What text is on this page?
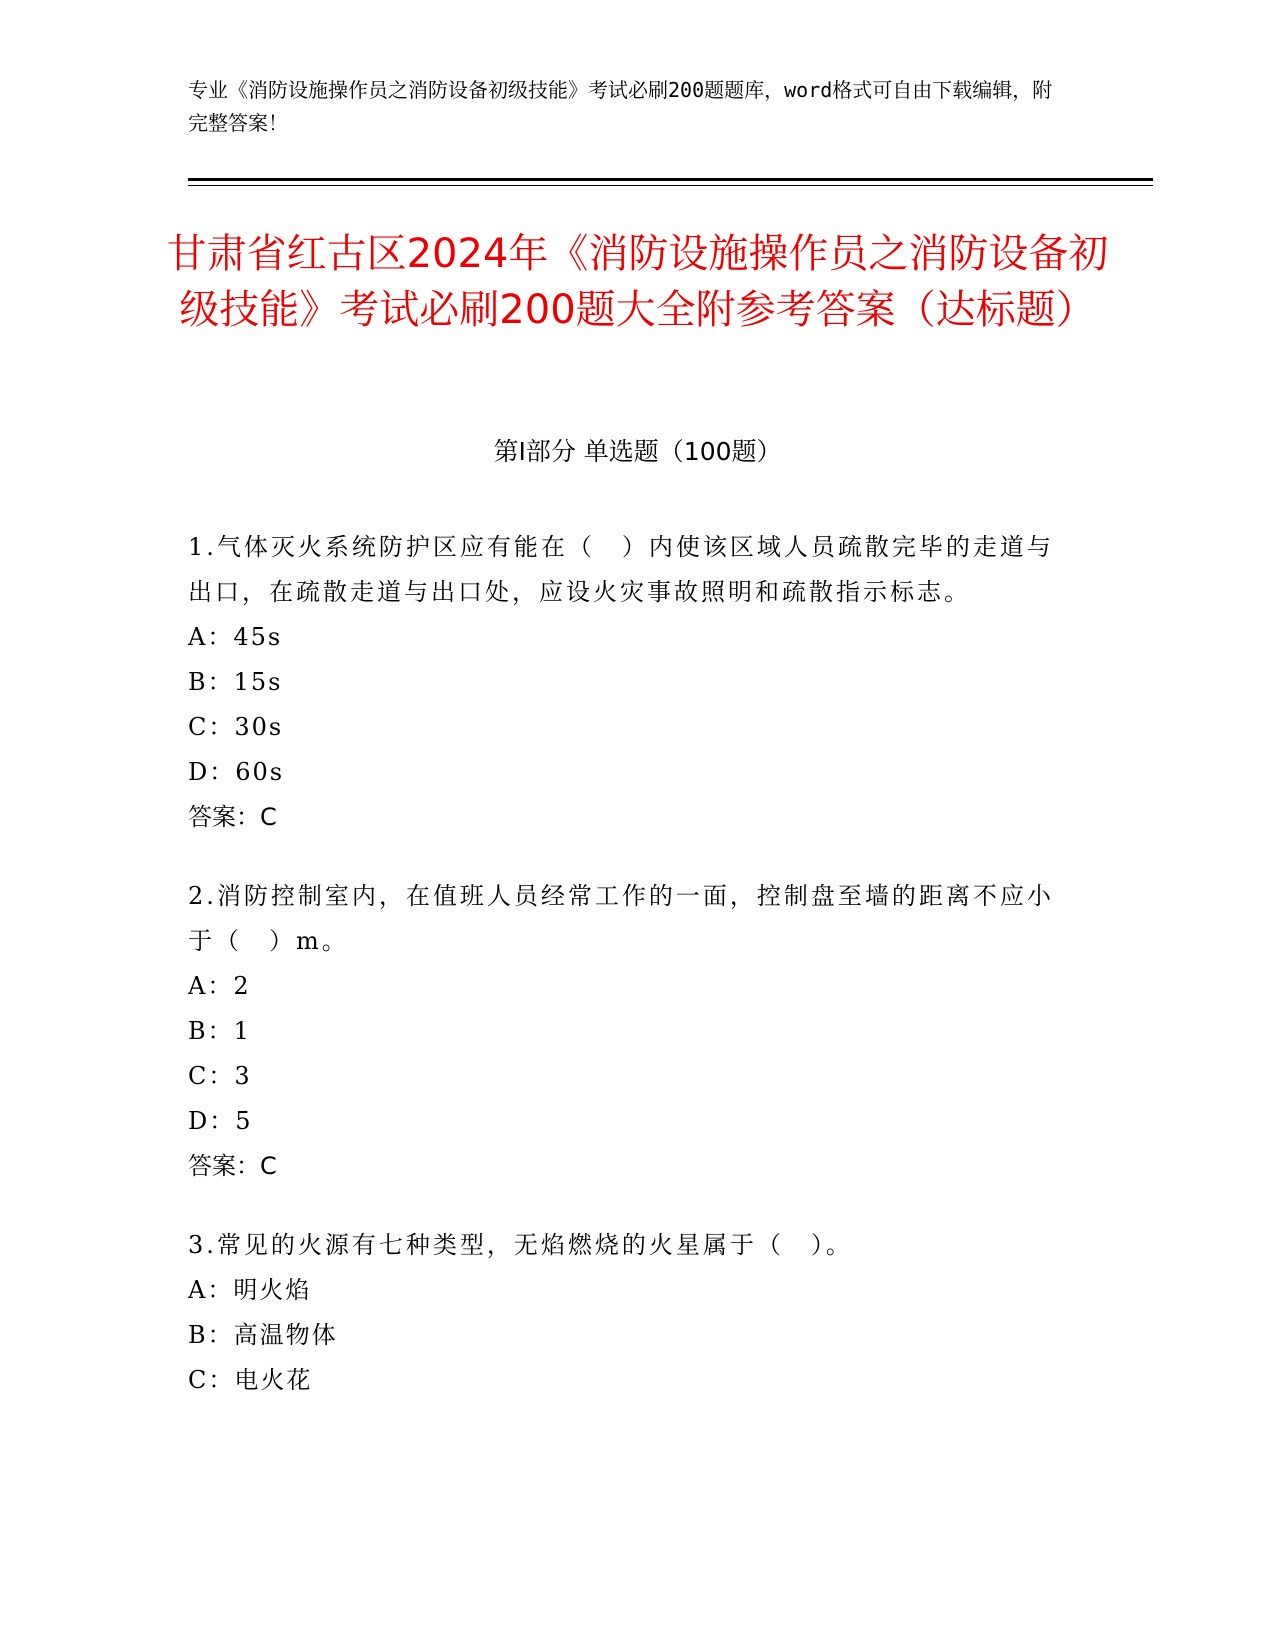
专业《消防设施操作员之消防设备初级技能》考试必刷200题题库，word格式可自由下载编辑，附完整答案！
甘肃省红古区2024年《消防设施操作员之消防设备初级技能》考试必刷200题大全附参考答案（达标题）
第Ⅰ部分 单选题（100题）
1.气体灭火系统防护区应有能在（　）内使该区域人员疏散完毕的走道与出口，在疏散走道与出口处，应设火灾事故照明和疏散指示标志。
A：45s
B：15s
C：30s
D：60s
答案：C
2.消防控制室内，在值班人员经常工作的一面，控制盘至墙的距离不应小于（　）m。
A：2
B：1
C：3
D：5
答案：C
3.常见的火源有七种类型，无焰燃烧的火星属于（　）。
A：明火焰
B：高温物体
C：电火花
